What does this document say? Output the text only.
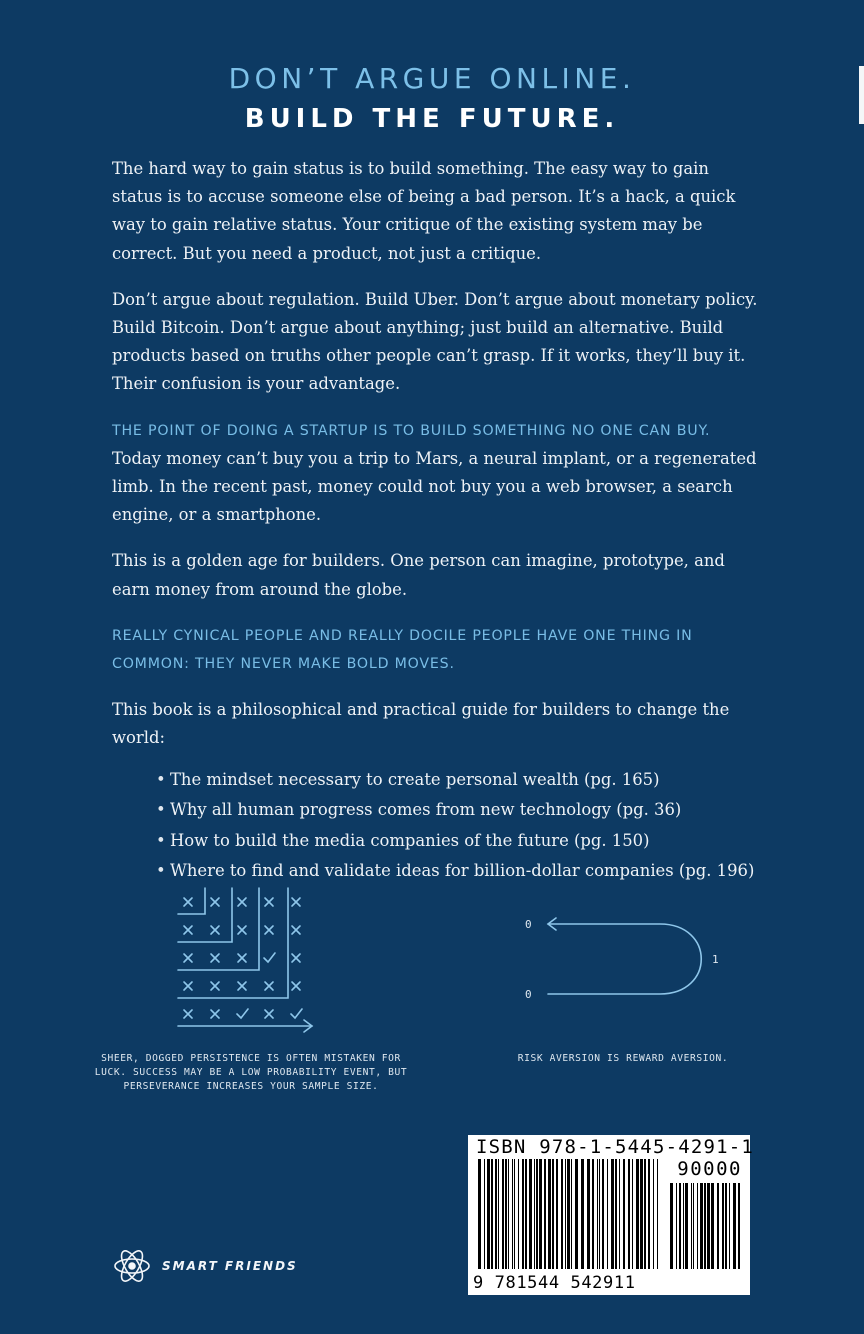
DON’T ARGUE ONLINE.
BUILD THE FUTURE.

The hard way to gain status is to build something. The easy way to gain status is to accuse someone else of being a bad person. It’s a hack, a quick way to gain relative status. Your critique of the existing system may be correct. But you need a product, not just a critique.

Don’t argue about regulation. Build Uber. Don’t argue about monetary policy. Build Bitcoin. Don’t argue about anything; just build an alternative. Build products based on truths other people can’t grasp. If it works, they’ll buy it. Their confusion is your advantage.

THE POINT OF DOING A STARTUP IS TO BUILD SOMETHING NO ONE CAN BUY.
Today money can’t buy you a trip to Mars, a neural implant, or a regenerated limb. In the recent past, money could not buy you a web browser, a search engine, or a smartphone.

This is a golden age for builders. One person can imagine, prototype, and earn money from around the globe.

REALLY CYNICAL PEOPLE AND REALLY DOCILE PEOPLE HAVE ONE THING IN COMMON: THEY NEVER MAKE BOLD MOVES.

This book is a philosophical and practical guide for builders to change the world:

• The mindset necessary to create personal wealth (pg. 165)
• Why all human progress comes from new technology (pg. 36)
• How to build the media companies of the future (pg. 150)
• Where to find and validate ideas for billion-dollar companies (pg. 196)
SHEER, DOGGED PERSISTENCE IS OFTEN MISTAKEN FOR LUCK. SUCCESS MAY BE A LOW PROBABILITY EVENT, BUT PERSEVERANCE INCREASES YOUR SAMPLE SIZE.
0
0
1
RISK AVERSION IS REWARD AVERSION.
SMART FRIENDS
ISBN 978-1-5445-4291-1
90000
9 781544 542911
